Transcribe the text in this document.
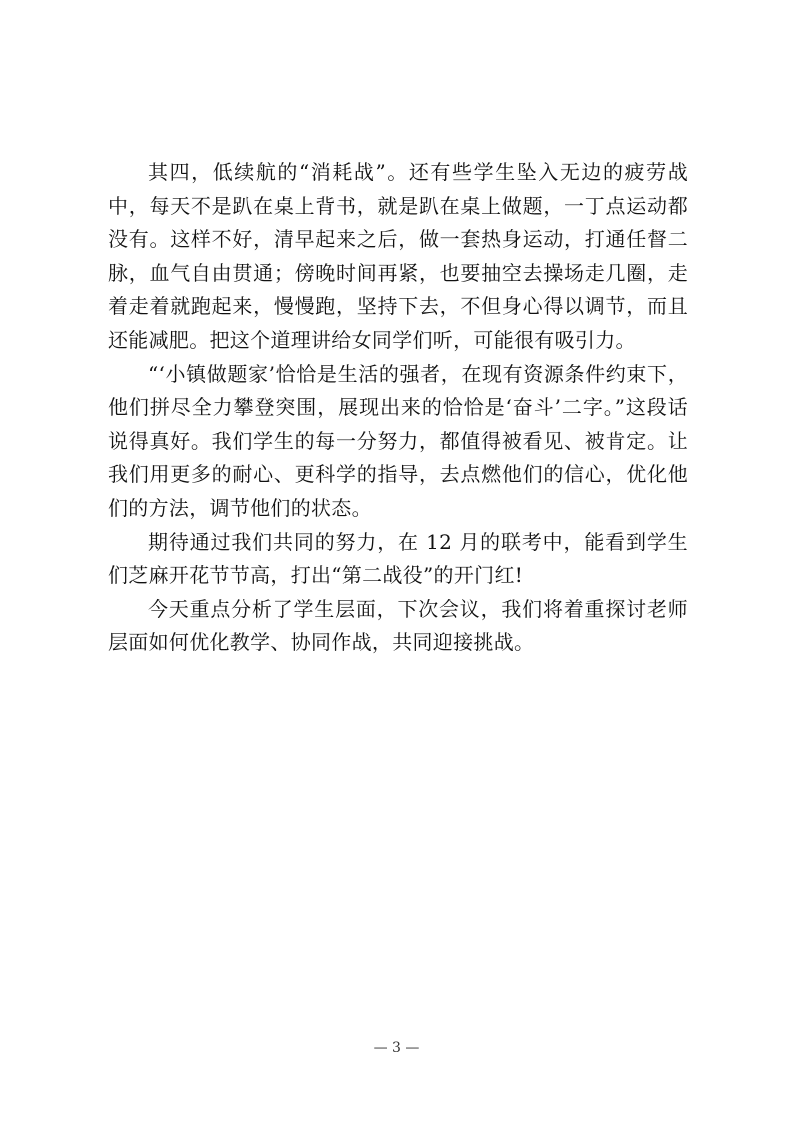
其四，低续航的“消耗战”。还有些学生坠入无边的疲劳战中，每天不是趴在桌上背书，就是趴在桌上做题，一丁点运动都没有。这样不好，清早起来之后，做一套热身运动，打通任督二脉，血气自由贯通；傍晚时间再紧，也要抽空去操场走几圈，走着走着就跑起来，慢慢跑，坚持下去，不但身心得以调节，而且还能减肥。把这个道理讲给女同学们听，可能很有吸引力。

“‘小镇做题家’恰恰是生活的强者，在现有资源条件约束下，他们拼尽全力攀登突围，展现出来的恰恰是‘奋斗’二字。”这段话说得真好。我们学生的每一分努力，都值得被看见、被肯定。让我们用更多的耐心、更科学的指导，去点燃他们的信心，优化他们的方法，调节他们的状态。

期待通过我们共同的努力，在 12 月的联考中，能看到学生们芝麻开花节节高，打出“第二战役”的开门红!

今天重点分析了学生层面，下次会议，我们将着重探讨老师层面如何优化教学、协同作战，共同迎接挑战。

— 3 —
